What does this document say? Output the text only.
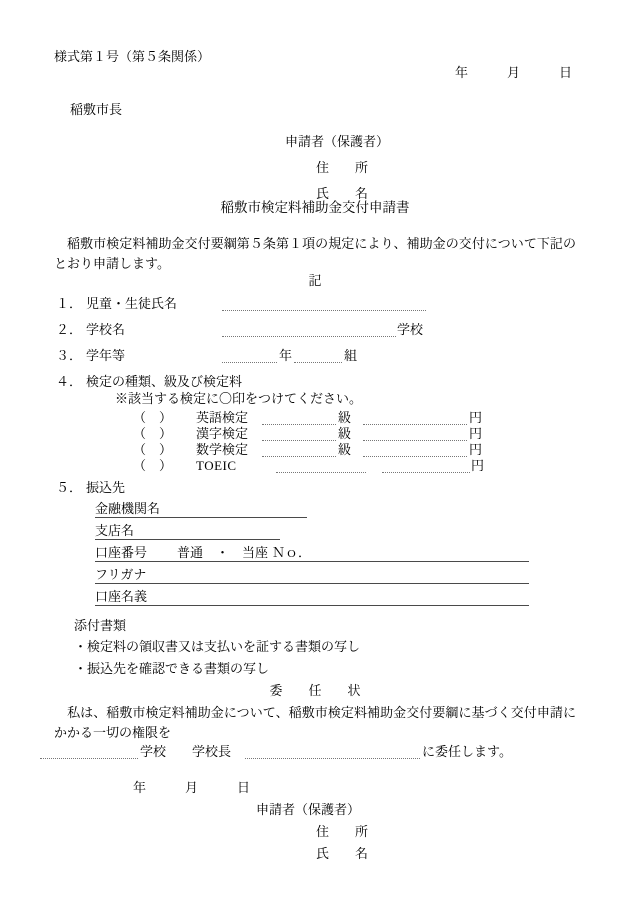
様式第１号（第５条関係）
年　　　月　　　日
稲敷市長
申請者（保護者）
住　　所
氏　　名
稲敷市検定料補助金交付申請書
　稲敷市検定料補助金交付要綱第５条第１項の規定により、補助金の交付について下記のとおり申請します。
記
１． 児童・生徒氏名
２． 学校名	学校
３． 学年等	年	組
４． 検定の種類、級及び検定料
※該当する検定に〇印をつけてください。
（　） 英語検定	級	円
（　） 漢字検定	級	円
（　） 数学検定	級	円
（　） TOEIC	円
５． 振込先
金融機関名
支店名
口座番号 普通　・　当座 Ｎｏ．
フリガナ
口座名義
添付書類
・検定料の領収書又は支払いを証する書類の写し
・振込先を確認できる書類の写し
委　　任　　状
　私は、稲敷市検定料補助金について、稲敷市検定料補助金交付要綱に基づく交付申請にかかる一切の権限を
学校　　学校長	に委任します。
年　　　月　　　日
申請者（保護者）
住　　所
氏　　名
